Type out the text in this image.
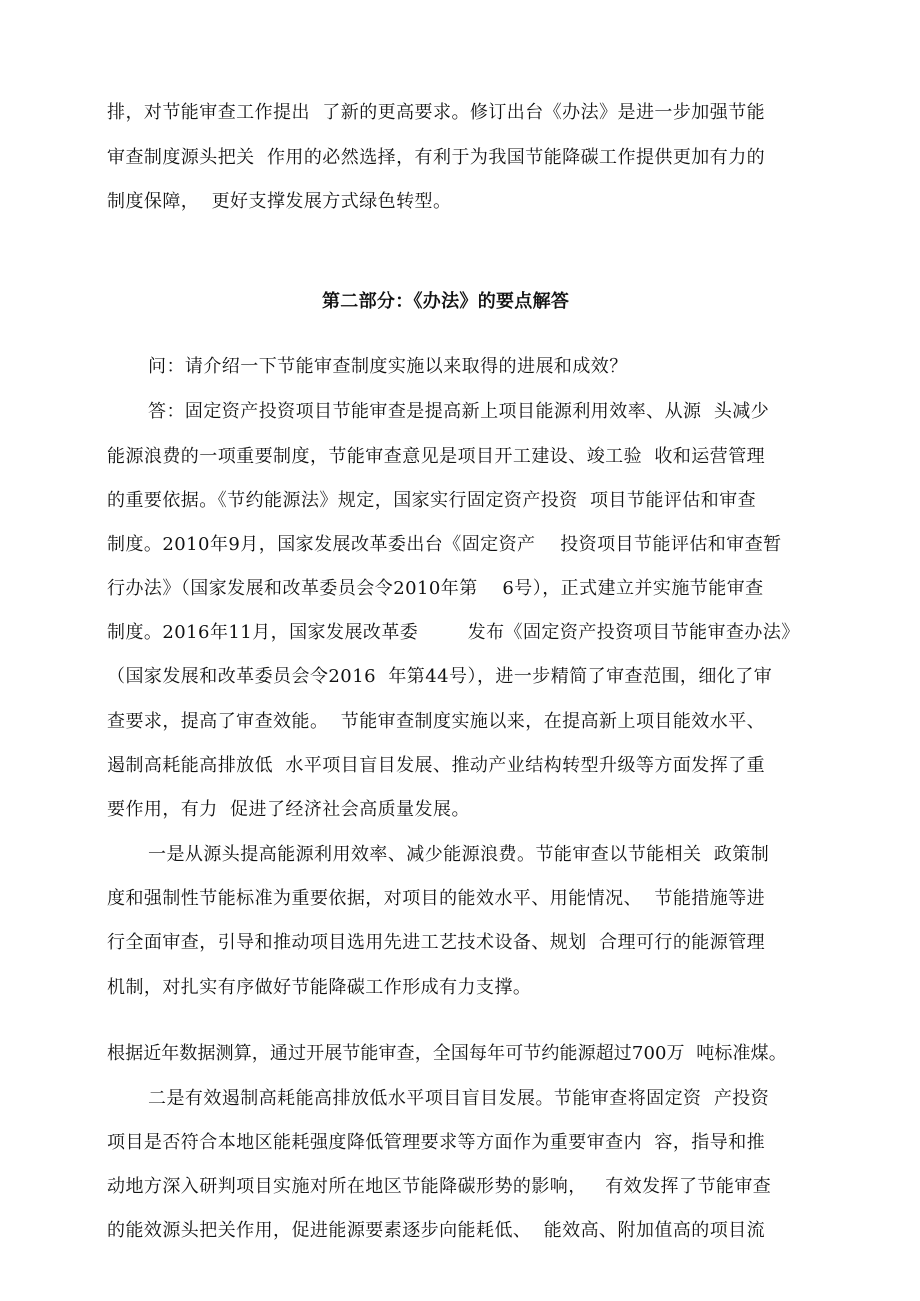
排，对节能审查工作提出  了新的更高要求。修订出台《办法》是进一步加强节能
审查制度源头把关  作用的必然选择，有利于为我国节能降碳工作提供更加有力的
制度保障，  更好支撑发展方式绿色转型。
第二部分：《办法》的要点解答
问：请介绍一下节能审查制度实施以来取得的进展和成效？
答：固定资产投资项目节能审查是提高新上项目能源利用效率、从源  头减少
能源浪费的一项重要制度，节能审查意见是项目开工建设、竣工验  收和运营管理
的重要依据。《节约能源法》规定，国家实行固定资产投资  项目节能评估和审查
制度。2010年9月，国家发展改革委出台《固定资产    投资项目节能评估和审查暂
行办法》（国家发展和改革委员会令2010年第    6号），正式建立并实施节能审查
制度。2016年11月，国家发展改革委        发布《固定资产投资项目节能审查办法》
（国家发展和改革委员会令2016  年第44号），进一步精简了审查范围，细化了审
查要求，提高了审查效能。  节能审查制度实施以来，在提高新上项目能效水平、
遏制高耗能高排放低  水平项目盲目发展、推动产业结构转型升级等方面发挥了重
要作用，有力  促进了经济社会高质量发展。
一是从源头提高能源利用效率、减少能源浪费。节能审查以节能相关  政策制
度和强制性节能标准为重要依据，对项目的能效水平、用能情况、  节能措施等进
行全面审查，引导和推动项目选用先进工艺技术设备、规划  合理可行的能源管理
机制，对扎实有序做好节能降碳工作形成有力支撑。
根据近年数据测算，通过开展节能审查，全国每年可节约能源超过700万  吨标准煤。
二是有效遏制高耗能高排放低水平项目盲目发展。节能审查将固定资  产投资
项目是否符合本地区能耗强度降低管理要求等方面作为重要审查内  容，指导和推
动地方深入研判项目实施对所在地区节能降碳形势的影响，   有效发挥了节能审查
的能效源头把关作用，促进能源要素逐步向能耗低、  能效高、附加值高的项目流
